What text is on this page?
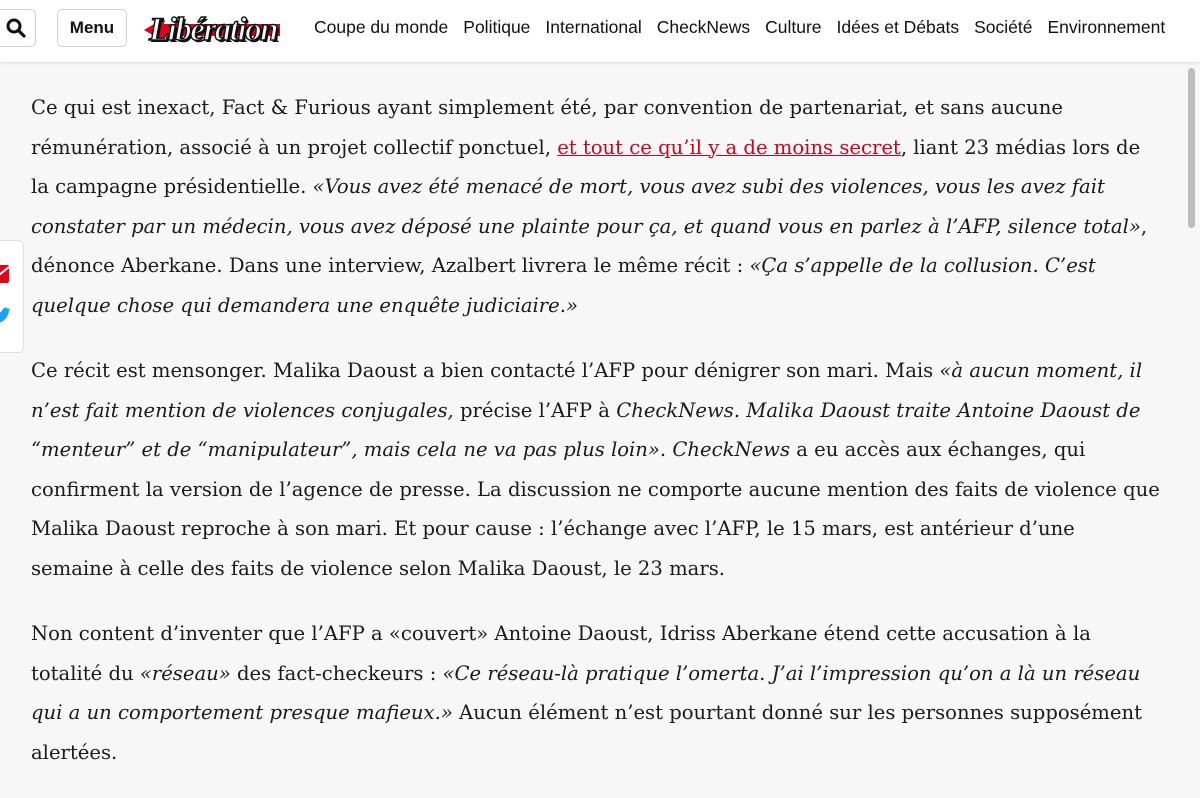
Menu	Libération Coupe du monde Politique International CheckNews Culture Idées et Débats Société Environnement

Ce qui est inexact, Fact & Furious ayant simplement été, par convention de partenariat, et sans aucune rémunération, associé à un projet collectif ponctuel, et tout ce qu’il y a de moins secret, liant 23 médias lors de la campagne présidentielle. «Vous avez été menacé de mort, vous avez subi des violences, vous les avez fait constater par un médecin, vous avez déposé une plainte pour ça, et quand vous en parlez à l’AFP, silence total», dénonce Aberkane. Dans une interview, Azalbert livrera le même récit : «Ça s’appelle de la collusion. C’est quelque chose qui demandera une enquête judiciaire.»

Ce récit est mensonger. Malika Daoust a bien contacté l’AFP pour dénigrer son mari. Mais «à aucun moment, il n’est fait mention de violences conjugales, précise l’AFP à CheckNews. Malika Daoust traite Antoine Daoust de “menteur” et de “manipulateur”, mais cela ne va pas plus loin». CheckNews a eu accès aux échanges, qui confirment la version de l’agence de presse. La discussion ne comporte aucune mention des faits de violence que Malika Daoust reproche à son mari. Et pour cause : l’échange avec l’AFP, le 15 mars, est antérieur d’une semaine à celle des faits de violence selon Malika Daoust, le 23 mars.

Non content d’inventer que l’AFP a «couvert» Antoine Daoust, Idriss Aberkane étend cette accusation à la totalité du «réseau» des fact-checkeurs : «Ce réseau-là pratique l’omerta. J’ai l’impression qu’on a là un réseau qui a un comportement presque mafieux.» Aucun élément n’est pourtant donné sur les personnes supposément alertées.
